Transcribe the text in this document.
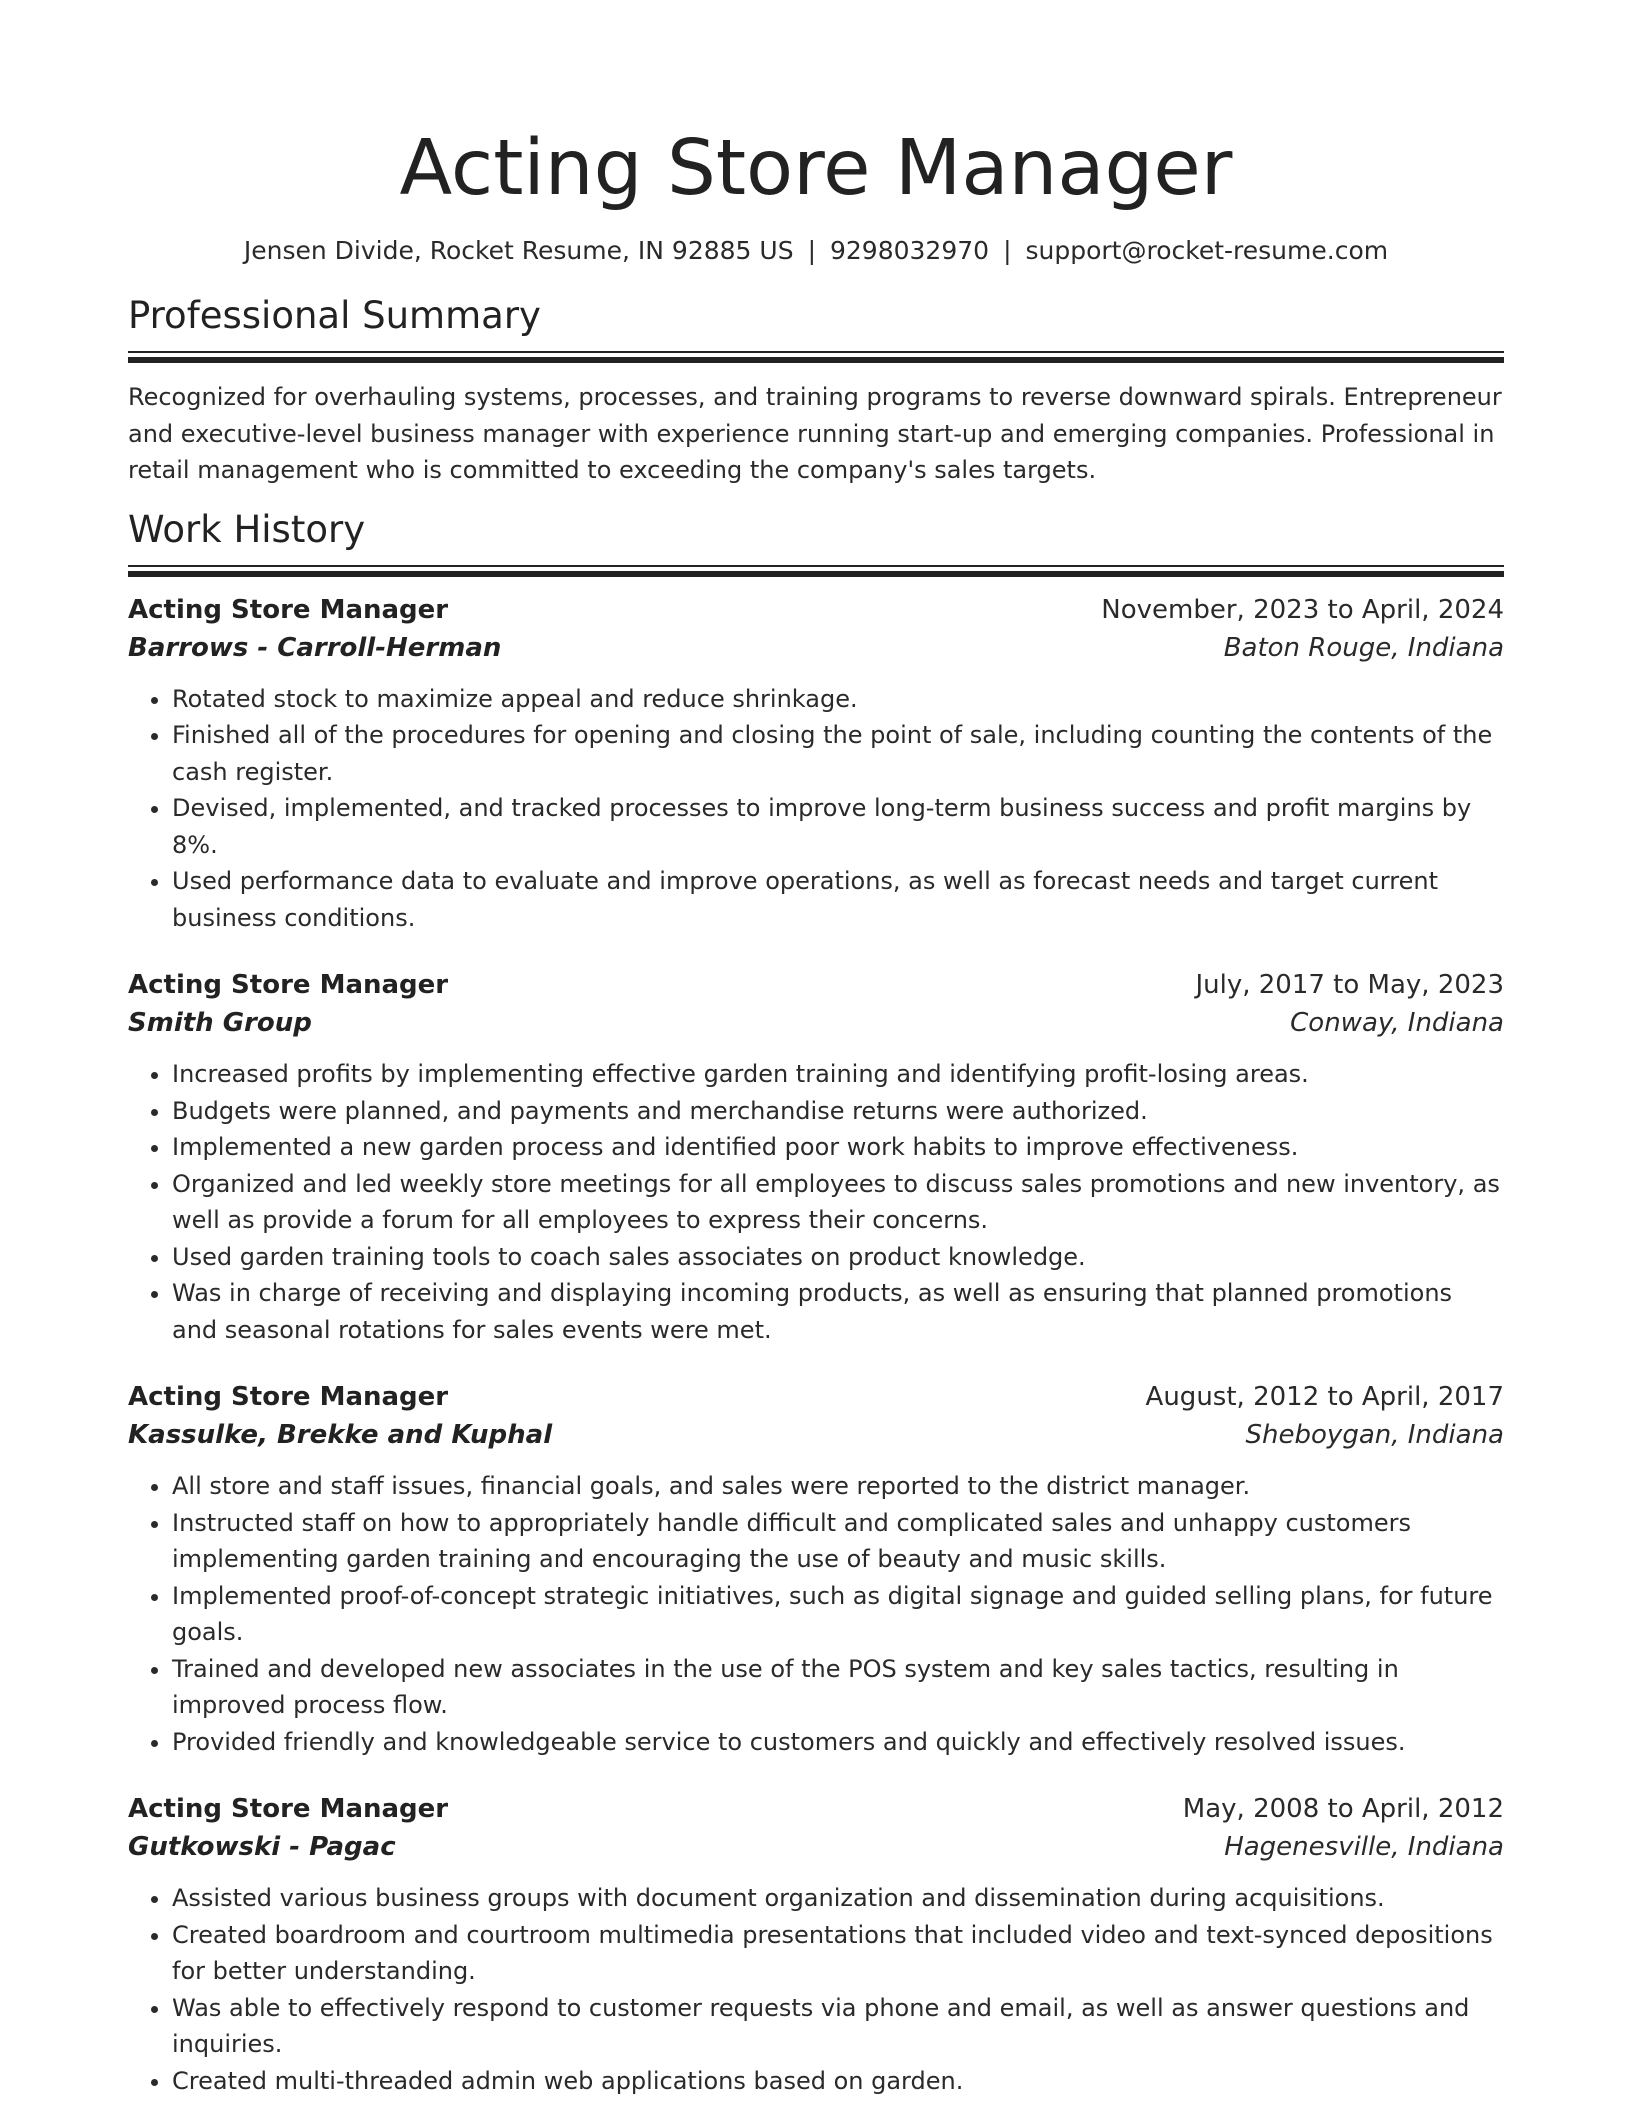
Acting Store Manager
Jensen Divide, Rocket Resume, IN 92885 US | 9298032970 | support@rocket-resume.com
Professional Summary
Recognized for overhauling systems, processes, and training programs to reverse downward spirals. Entrepreneur and executive-level business manager with experience running start-up and emerging companies. Professional in retail management who is committed to exceeding the company's sales targets.
Work History
Acting Store Manager	November, 2023 to April, 2024
Barrows - Carroll-Herman	Baton Rouge, Indiana
• Rotated stock to maximize appeal and reduce shrinkage.
• Finished all of the procedures for opening and closing the point of sale, including counting the contents of the cash register.
• Devised, implemented, and tracked processes to improve long-term business success and profit margins by 8%.
• Used performance data to evaluate and improve operations, as well as forecast needs and target current business conditions.
Acting Store Manager	July, 2017 to May, 2023
Smith Group	Conway, Indiana
• Increased profits by implementing effective garden training and identifying profit-losing areas.
• Budgets were planned, and payments and merchandise returns were authorized.
• Implemented a new garden process and identified poor work habits to improve effectiveness.
• Organized and led weekly store meetings for all employees to discuss sales promotions and new inventory, as well as provide a forum for all employees to express their concerns.
• Used garden training tools to coach sales associates on product knowledge.
• Was in charge of receiving and displaying incoming products, as well as ensuring that planned promotions and seasonal rotations for sales events were met.
Acting Store Manager	August, 2012 to April, 2017
Kassulke, Brekke and Kuphal	Sheboygan, Indiana
• All store and staff issues, financial goals, and sales were reported to the district manager.
• Instructed staff on how to appropriately handle difficult and complicated sales and unhappy customers implementing garden training and encouraging the use of beauty and music skills.
• Implemented proof-of-concept strategic initiatives, such as digital signage and guided selling plans, for future goals.
• Trained and developed new associates in the use of the POS system and key sales tactics, resulting in improved process flow.
• Provided friendly and knowledgeable service to customers and quickly and effectively resolved issues.
Acting Store Manager	May, 2008 to April, 2012
Gutkowski - Pagac	Hagenesville, Indiana
• Assisted various business groups with document organization and dissemination during acquisitions.
• Created boardroom and courtroom multimedia presentations that included video and text-synced depositions for better understanding.
• Was able to effectively respond to customer requests via phone and email, as well as answer questions and inquiries.
• Created multi-threaded admin web applications based on garden.
